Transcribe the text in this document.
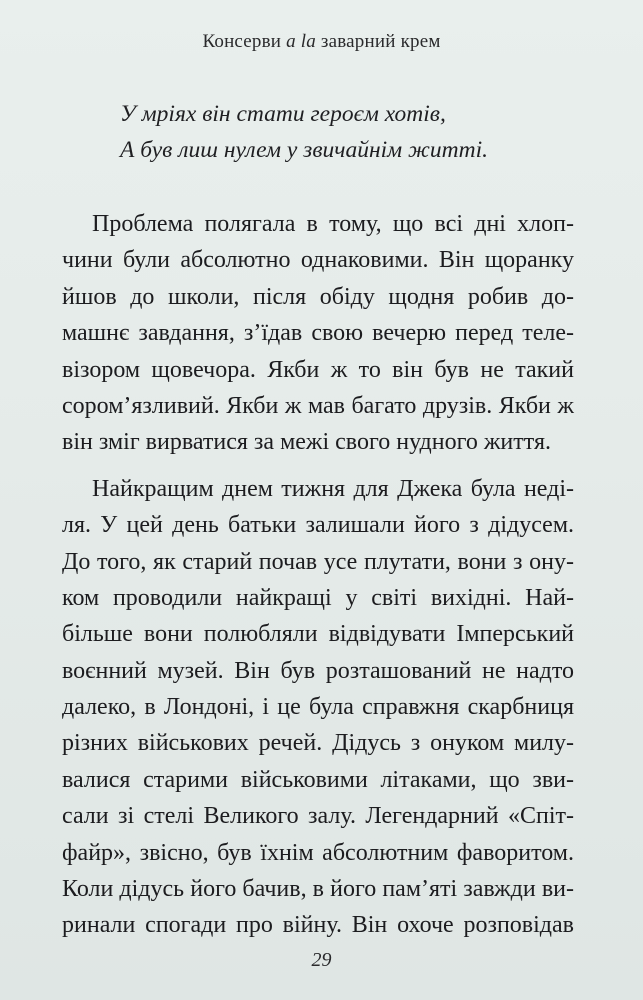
Консерви a la заварний крем
У мріях він стати героєм хотів,
А був лиш нулем у звичайнім житті.
Проблема полягала в тому, що всі дні хлоп-
чини були абсолютно однаковими. Він щоранку
йшов до школи, після обіду щодня робив до-
машнє завдання, з’їдав свою вечерю перед теле-
візором щовечора. Якби ж то він був не такий
сором’язливий. Якби ж мав багато друзів. Якби ж
він зміг вирватися за межі свого нудного життя.
Найкращим днем тижня для Джека була неді-
ля. У цей день батьки залишали його з дідусем.
До того, як старий почав усе плутати, вони з ону-
ком проводили найкращі у світі вихідні. Най-
більше вони полюбляли відвідувати Імперський
воєнний музей. Він був розташований не надто
далеко, в Лондоні, і це була справжня скарбниця
різних військових речей. Дідусь з онуком милу-
валися старими військовими літаками, що зви-
сали зі стелі Великого залу. Легендарний «Спіт-
файр», звісно, був їхнім абсолютним фаворитом.
Коли дідусь його бачив, в його пам’яті завжди ви-
ринали спогади про війну. Він охоче розповідав
29
